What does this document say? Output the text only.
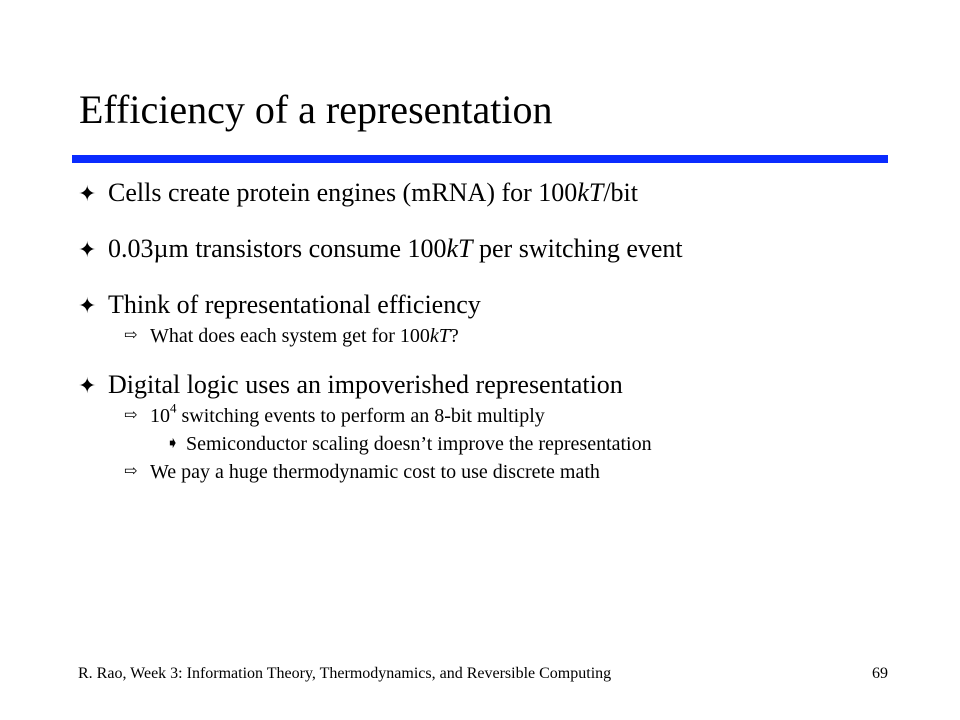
Efficiency of a representation
✦ Cells create protein engines (mRNA) for 100kT/bit
✦ 0.03µm transistors consume 100kT per switching event
✦ Think of representational efficiency
⇨ What does each system get for 100kT?
✦ Digital logic uses an impoverished representation
⇨ $10^4$ switching events to perform an 8-bit multiply
➧ Semiconductor scaling doesn’t improve the representation
⇨ We pay a huge thermodynamic cost to use discrete math
R. Rao, Week 3: Information Theory, Thermodynamics, and Reversible Computing	69
